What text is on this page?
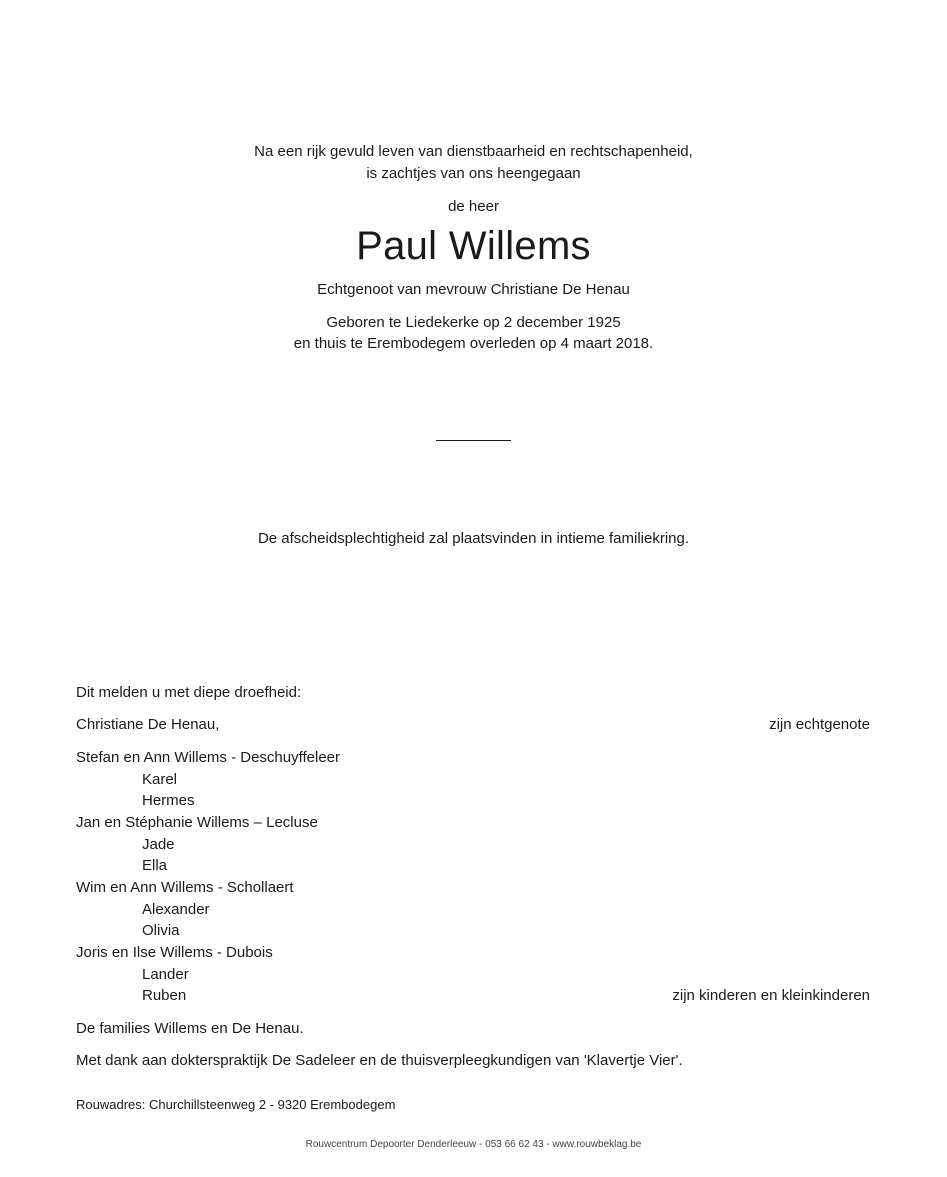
Na een rijk gevuld leven van dienstbaarheid en rechtschapenheid,
is zachtjes van ons heengegaan
de heer
Paul Willems
Echtgenoot van mevrouw Christiane De Henau
Geboren te Liedekerke op 2 december 1925
en thuis te Erembodegem overleden op 4 maart 2018.
De afscheidsplechtigheid zal plaatsvinden in intieme familiekring.
Dit melden u met diepe droefheid:
Christiane De Henau,	zijn echtgenote
Stefan en Ann Willems - Deschuyffeleer
Karel
Hermes
Jan en Stéphanie Willems – Lecluse
Jade
Ella
Wim en Ann Willems - Schollaert
Alexander
Olivia
Joris en Ilse Willems - Dubois
Lander
Ruben	zijn kinderen en kleinkinderen
De families Willems en De Henau.
Met dank aan dokterspraktijk De Sadeleer en de thuisverpleegkundigen van 'Klavertje Vier'.
Rouwadres: Churchillsteenweg 2 - 9320 Erembodegem
Rouwcentrum Depoorter Denderleeuw - 053 66 62 43 - www.rouwbeklag.be
